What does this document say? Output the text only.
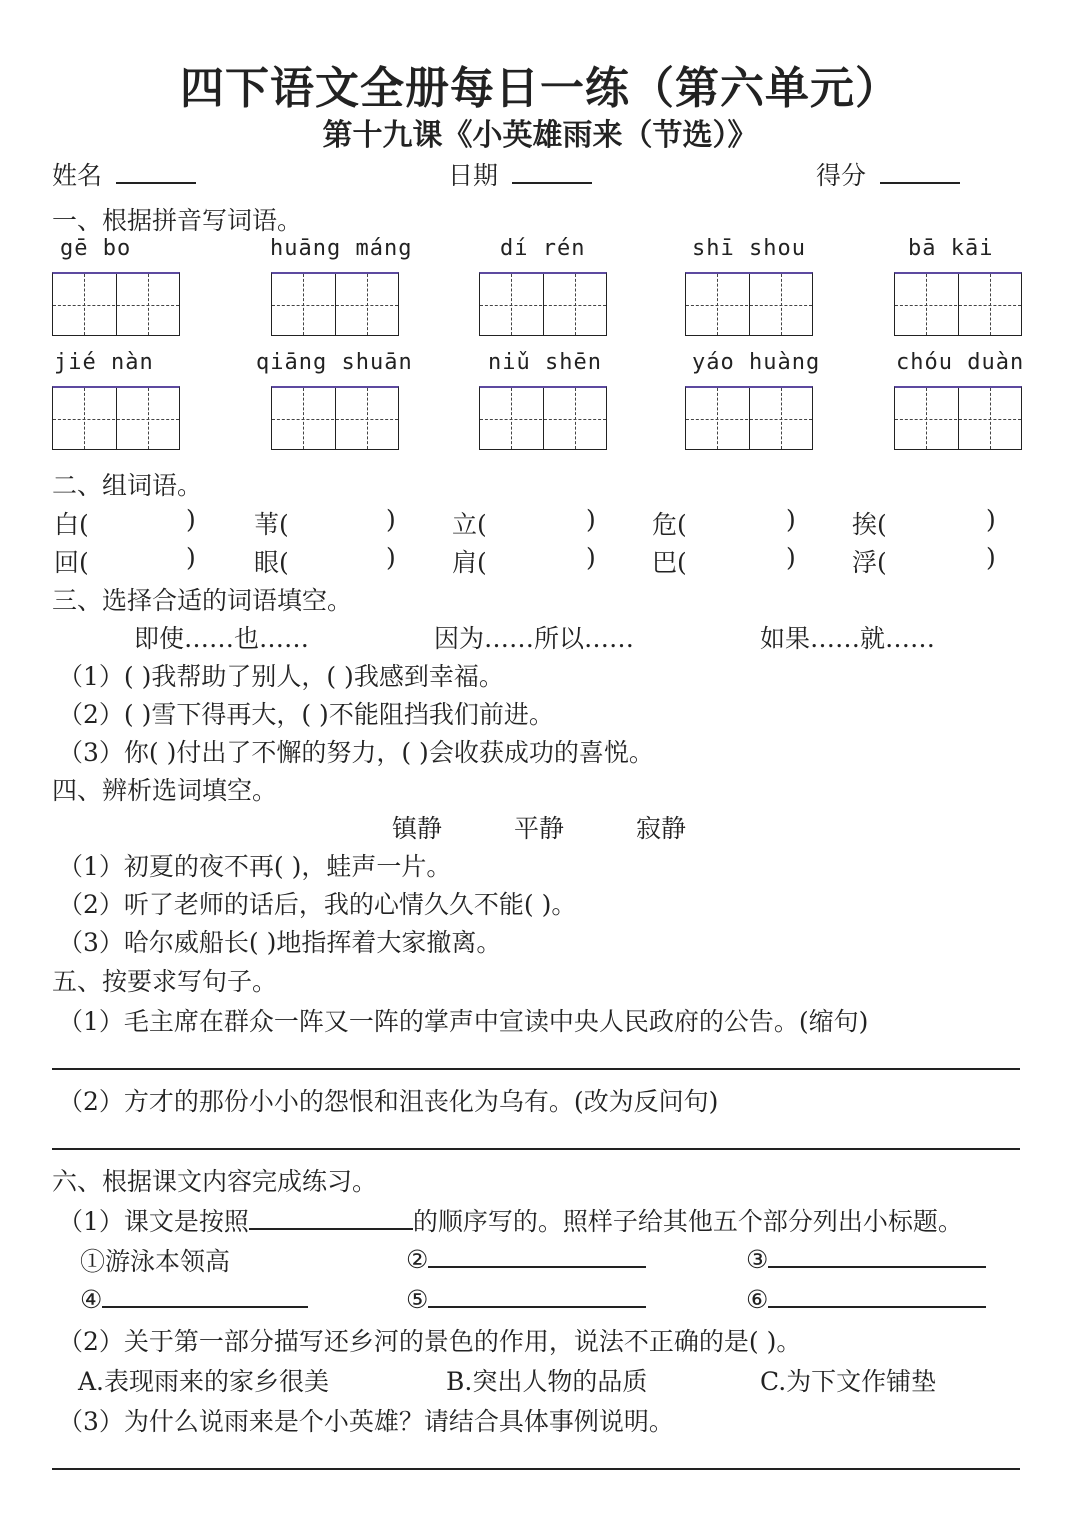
四下语文全册每日一练（第六单元）
第十九课《小英雄雨来（节选）》
姓名	日期	得分
一、根据拼音写词语。
gē bo	huāng máng	dí rén	shī shou	bā kāi
jié nàn	qiāng shuān	niǔ shēn	yáo huàng	chóu duàn
二、组词语。
白(	) 苇(	) 立(	) 危(	) 挨(	)
回(	) 眼(	) 肩(	) 巴(	) 浮(	)
三、选择合适的词语填空。
即使……也……	因为……所以……	如果……就……
（1）( )我帮助了别人，( )我感到幸福。
（2）( )雪下得再大，( )不能阻挡我们前进。
（3）你( )付出了不懈的努力，( )会收获成功的喜悦。
四、辨析选词填空。
镇静	平静	寂静
（1）初夏的夜不再( )，蛙声一片。
（2）听了老师的话后，我的心情久久不能( )。
（3）哈尔威船长( )地指挥着大家撤离。
五、按要求写句子。
（1）毛主席在群众一阵又一阵的掌声中宣读中央人民政府的公告。(缩句)
（2）方才的那份小小的怨恨和沮丧化为乌有。(改为反问句)
六、根据课文内容完成练习。
（1）课文是按照	的顺序写的。照样子给其他五个部分列出小标题。
①游泳本领高	②	③
④	⑤	⑥
（2）关于第一部分描写还乡河的景色的作用，说法不正确的是( )。
A.表现雨来的家乡很美	B.突出人物的品质	C.为下文作铺垫
（3）为什么说雨来是个小英雄？请结合具体事例说明。
